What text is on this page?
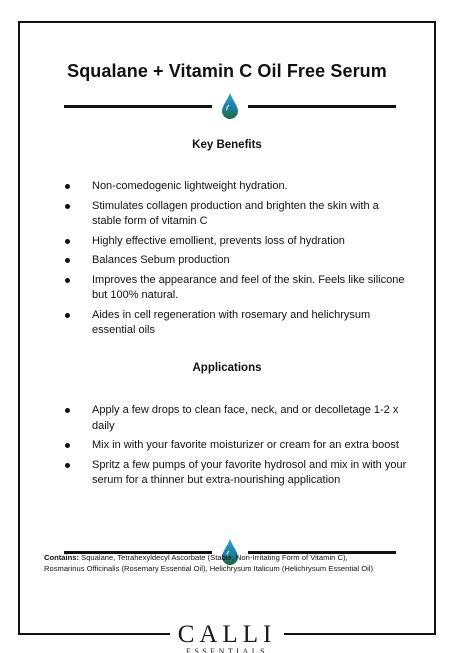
Squalane + Vitamin C Oil Free Serum
Key Benefits
Non-comedogenic lightweight hydration.
Stimulates collagen production and brighten the skin with a stable form of vitamin C
Highly effective emollient, prevents loss of hydration
Balances Sebum production
Improves the appearance and feel of the skin. Feels like silicone but 100% natural.
Aides in cell regeneration with rosemary and helichrysum essential oils
Applications
Apply a few drops to clean face, neck, and or decolletage 1-2 x daily
Mix in with your favorite moisturizer or cream for an extra boost
Spritz a few pumps of your favorite hydrosol and mix in with your serum for a thinner but extra-nourishing application
Contains: Squalane, Tetrahexyldecyl Ascorbate (Stable, Non-Irritating Form of Vitamin C), Rosmarinus Officinalis (Rosemary Essential Oil), Helichrysum Italicum (Helichrysum Essential Oil)
CALLI
ESSENTIALS
